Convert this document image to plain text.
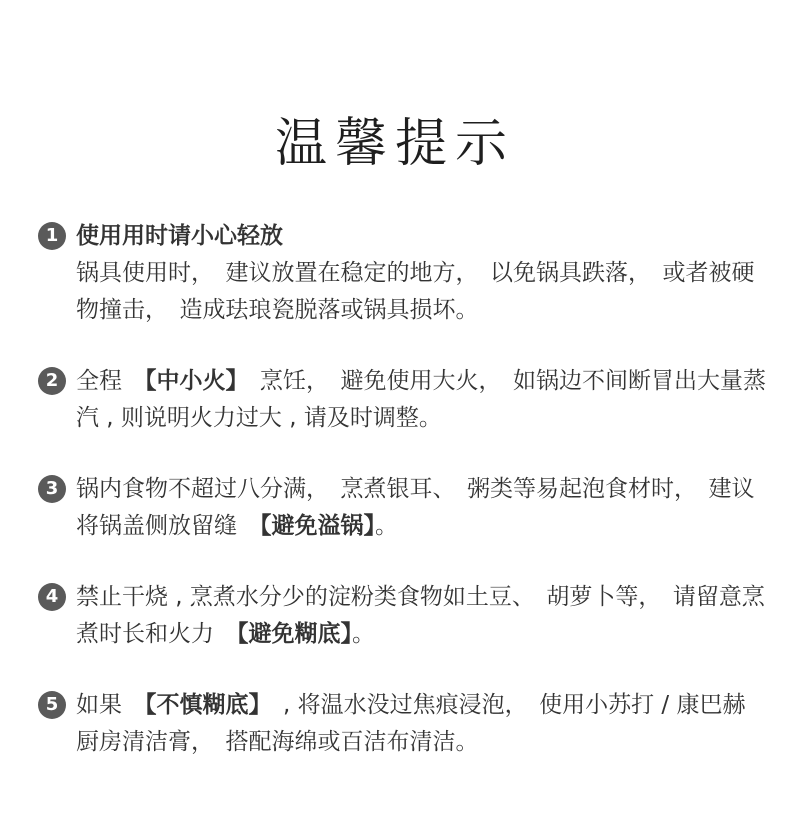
温馨提示
1 使用用时请小心轻放
锅具使用时，　建议放置在稳定的地方，　以免锅具跌落，　或者被硬物撞击，　造成珐琅瓷脱落或锅具损坏。
2 全程　【中小火】　烹饪，　避免使用大火，　如锅边不间断冒出大量蒸汽 , 则说明火力过大 , 请及时调整。
3 锅内食物不超过八分满，　烹煮银耳、　粥类等易起泡食材时，　建议将锅盖侧放留缝　【避免溢锅】。
4 禁止干烧 , 烹煮水分少的淀粉类食物如土豆、　胡萝卜等，　请留意烹煮时长和火力　【避免糊底】。
5 如果　【不慎糊底】　, 将温水没过焦痕浸泡，　使用小苏打 / 康巴赫厨房清洁膏，　搭配海绵或百洁布清洁。
